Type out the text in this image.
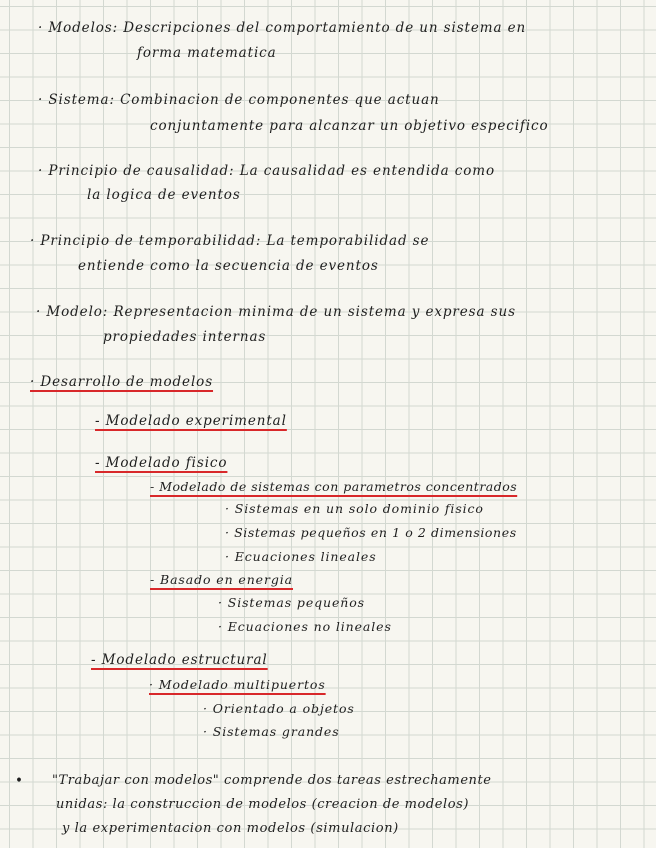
· Modelos: Descripciones del comportamiento de un sistema en
forma matematica
· Sistema: Combinacion de componentes que actuan
conjuntamente para alcanzar un objetivo especifico
· Principio de causalidad: La causalidad es entendida como
la logica de eventos
· Principio de temporabilidad: La temporabilidad se
entiende como la secuencia de eventos
· Modelo: Representacion minima de un sistema y expresa sus
propiedades internas
· Desarrollo de modelos
- Modelado experimental
- Modelado fisico
- Modelado de sistemas con parametros concentrados
· Sistemas en un solo dominio fisico
· Sistemas pequeños en 1 o 2 dimensiones
· Ecuaciones lineales
- Basado en energia
· Sistemas pequeños
· Ecuaciones no lineales
- Modelado estructural
· Modelado multipuertos
· Orientado a objetos
· Sistemas grandes
• "Trabajar con modelos" comprende dos tareas estrechamente
unidas: la construccion de modelos (creacion de modelos)
y la experimentacion con modelos (simulacion)
